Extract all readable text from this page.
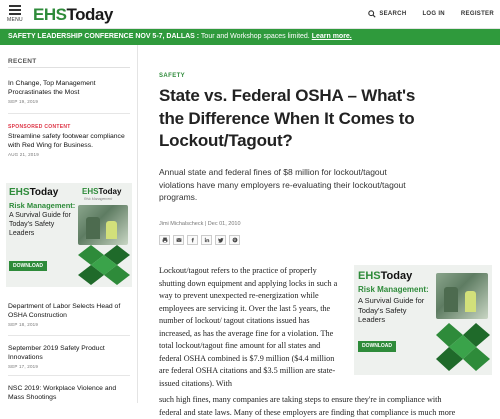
MENU EHSToday	SEARCH	LOG IN	REGISTER
SAFETY LEADERSHIP CONFERENCE NOV 5-7, DALLAS : Tour and Workshop spaces limited. Learn more.
RECENT
In Change, Top Management Procrastinates the Most
SEP 19, 2019
SPONSORED CONTENT
Streamline safety footwear compliance with Red Wing for Business.
AUG 21, 2019
EHSToday	EHSToday
Risk Management
Risk Management:
A Survival Guide for Today's Safety Leaders
DOWNLOAD
Department of Labor Selects Head of OSHA Construction
SEP 18, 2019
September 2019 Safety Product Innovations
SEP 17, 2019
NSC 2019: Workplace Violence and Mass Shootings
SAFETY
State vs. Federal OSHA – What's the Difference When It Comes to Lockout/Tagout?

Annual state and federal fines of $8 million for lockout/tagout violations have many employers re-evaluating their lockout/tagout programs.

Jimi Michalscheck | Dec 01, 2010
Lockout/tagout refers to the practice of properly shutting down equipment and applying locks in such a way to prevent unexpected re-energization while employees are servicing it. Over the last 5 years, the number of lockout/ tagout citations issued has increased, as has the average fine for a violation. The total lockout/tagout fine amount for all states and federal OSHA combined is $7.9 million ($4.4 million are federal OSHA citations and $3.5 million are state-issued citations). With
EHSToday
Risk Management:
A Survival Guide for Today's Safety Leaders
DOWNLOAD
such high fines, many companies are taking steps to ensure they're in compliance with
federal and state laws. Many of these employers are finding that compliance is much more
